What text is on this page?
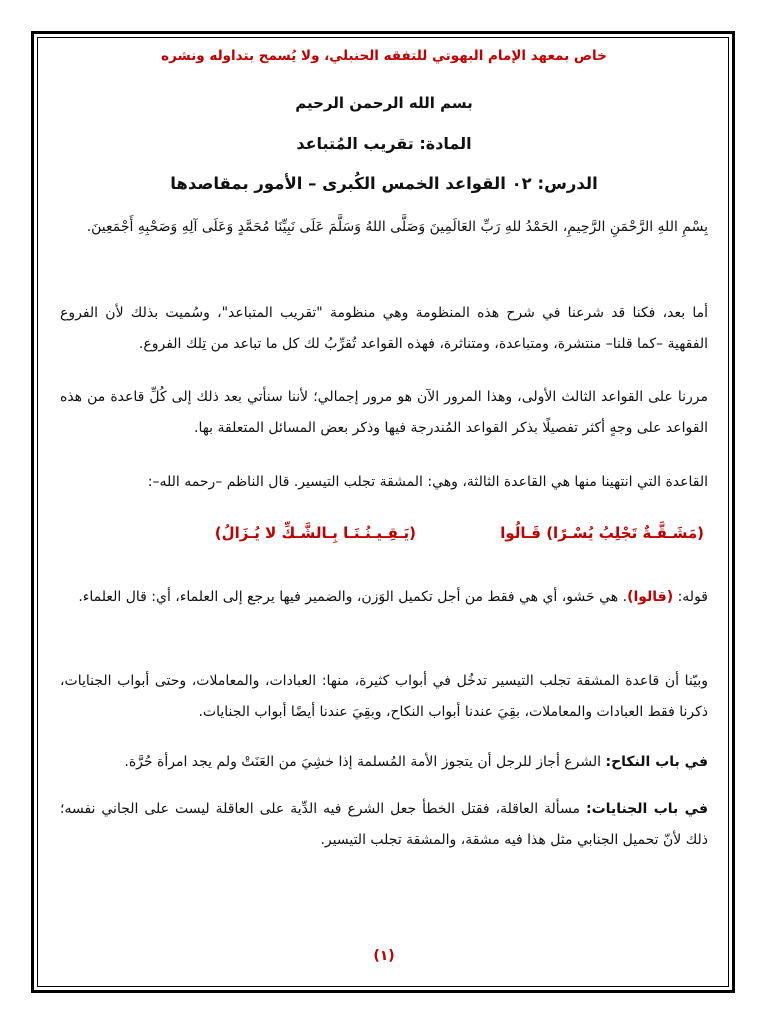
خاص بمعهد الإمام البهوتي للتفقه الحنبلي، ولا يُسمح بتداوله ونشره
بسم الله الرحمن الرحيم
المادة: تقريب المُتباعد
الدرس: ٠٢ القواعد الخمس الكُبرى – الأمور بمقاصدها
بِسْمِ اللهِ الرَّحْمَنِ الرَّحِيمِ، الحَمْدُ للهِ رَبِّ العَالَمِينَ وَصَلَّى اللهُ وَسَلَّمَ عَلَى نَبِيِّنَا مُحَمَّدٍ وَعَلَى آلِهِ وَصَحْبِهِ أَجْمَعِينَ.
أما بعد، فكنا قد شرعنا في شرح هذه المنظومة وهي منظومة "تقريب المتباعد"، وسُميت بذلك لأن الفروع الفقهية –كما قلنا– منتشرة، ومتباعدة، ومتناثرة، فهذه القواعد تُقرِّبُ لك كل ما تباعد من تِلك الفروع.
مررنا على القواعد الثالث الأولى، وهذا المرور الآن هو مرور إجمالي؛ لأننا سنأتي بعد ذلك إلى كُلِّ قاعدة من هذه القواعد على وجهٍ أكثر تفصيلًا بذكر القواعد المُندرجة فيها وذكر بعض المسائل المتعلقة بها.
القاعدة التي انتهينا منها هي القاعدة الثالثة، وهي: المشقة تجلب التيسير. قال الناظم –رحمه الله–:
(مَشَـقَّـةٌ تَجْلِبُ يُسْـرًا) قَـالُوا
(يَـقِـيـنُـنَـا بِـالشَّـكِّ لا يُـزَالُ)
قوله: (قالوا). هي حَشو، أي هي فقط من أجل تكميل الوَزن، والضمير فيها يرجع إلى العلماء، أي: قال العلماء.
وبيّنا أن قاعدة المشقة تجلب التيسير تدخُل في أبواب كثيرة، منها: العبادات، والمعاملات، وحتى أبواب الجنايات، ذكرنا فقط العبادات والمعاملات، بقِيَ عندنا أبواب النكاح، وبقِيَ عندنا أيضًا أبواب الجنايات.
في باب النكاح: الشرع أجاز للرجل أن يتجوز الأمة المُسلمة إذا خشِيَ من العَنَتْ ولم يجد امرأة حُرَّة.
في باب الجنايات: مسألة العاقلة، فقتل الخطأ جعل الشرع فيه الدِّية على العاقلة ليست على الجاني نفسه؛ ذلك لأنّ تحميل الجنابي مثل هذا فيه مشقة، والمشقة تجلب التيسير.
(١)
